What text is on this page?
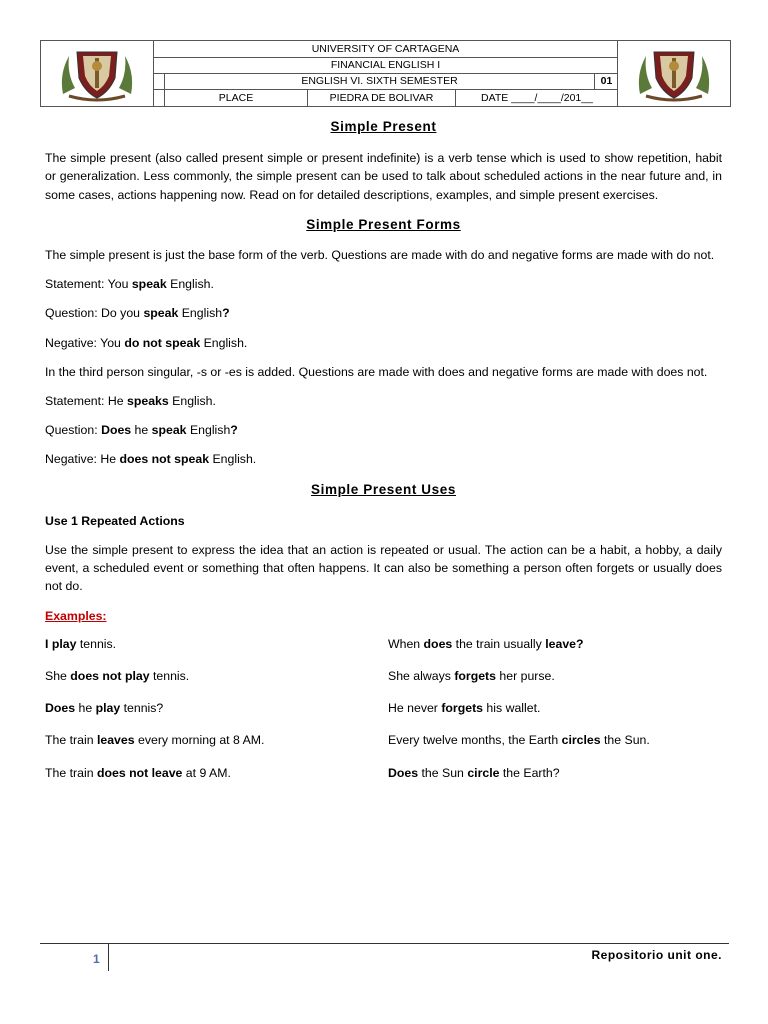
UNIVERSITY OF CARTAGENA
FINANCIAL ENGLISH I
ENGLISH VI. SIXTH SEMESTER	01
PLACE	PIEDRA DE BOLIVAR	DATE ____/____/201__
Simple Present

The simple present (also called present simple or present indefinite) is a verb tense which is used to show repetition, habit or generalization. Less commonly, the simple present can be used to talk about scheduled actions in the near future and, in some cases, actions happening now. Read on for detailed descriptions, examples, and simple present exercises.

Simple Present Forms

The simple present is just the base form of the verb. Questions are made with do and negative forms are made with do not.

Statement: You speak English.

Question: Do you speak English?

Negative: You do not speak English.

In the third person singular, -s or -es is added. Questions are made with does and negative forms are made with does not.

Statement: He speaks English.

Question: Does he speak English?

Negative: He does not speak English.

Simple Present Uses

Use 1 Repeated Actions

Use the simple present to express the idea that an action is repeated or usual. The action can be a habit, a hobby, a daily event, a scheduled event or something that often happens. It can also be something a person often forgets or usually does not do.

Examples:

I play tennis.	When does the train usually leave?
She does not play tennis.	She always forgets her purse.
Does he play tennis?	He never forgets his wallet.
The train leaves every morning at 8 AM.	Every twelve months, the Earth circles the Sun.
The train does not leave at 9 AM.	Does the Sun circle the Earth?
1	Repositorio unit one.
